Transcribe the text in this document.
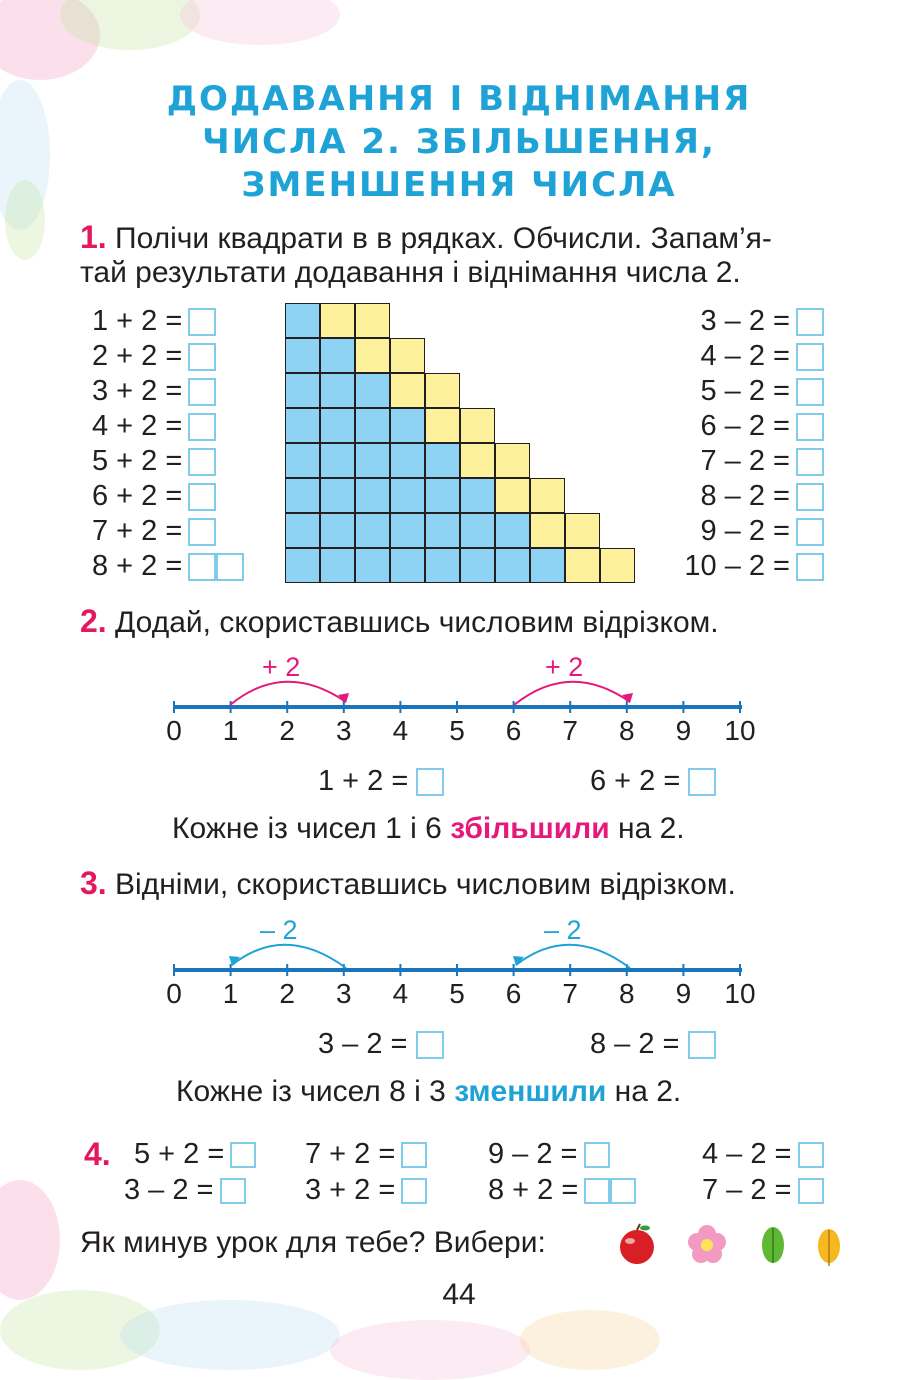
ДОДАВАННЯ І ВІДНІМАННЯ
ЧИСЛА 2. ЗБІЛЬШЕННЯ,
ЗМЕНШЕННЯ ЧИСЛА
1. Полічи квадрати в в рядках. Обчисли. Запам’я-
тай результати додавання і віднімання числа 2.
1 + 2 =
2 + 2 =
3 + 2 =
4 + 2 =
5 + 2 =
6 + 2 =
7 + 2 =
8 + 2 =
3 – 2 =
4 – 2 =
5 – 2 =
6 – 2 =
7 – 2 =
8 – 2 =
9 – 2 =
10 – 2 =
2. Додай, скориставшись числовим відрізком.
+ 2	+ 2
0	1	2	3	4	5	6	7	8	9	10
1 + 2 =	6 + 2 =
Кожне із чисел 1 і 6 збільшили на 2.
3. Відніми, скориставшись числовим відрізком.
– 2	– 2
0	1	2	3	4	5	6	7	8	9	10
3 – 2 =	8 – 2 =
Кожне із чисел 8 і 3 зменшили на 2.
4. 5 + 2 =	7 + 2 =	9 – 2 =	4 – 2 =
3 – 2 =	3 + 2 =	8 + 2 =	7 – 2 =
Як минув урок для тебе? Вибери:
44
